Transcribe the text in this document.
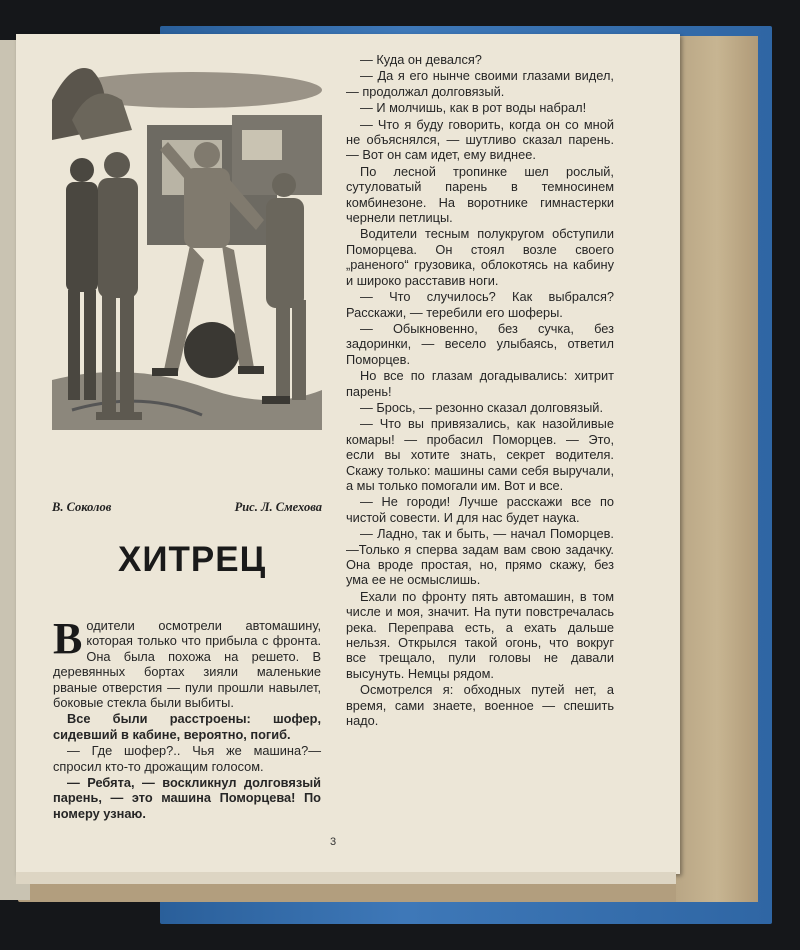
В. Соколов	Рис. Л. Смехова
ХИТРЕЦ

Водители осмотрели автомашину, которая только что прибыла с фронта. Она была похожа на решето. В деревянных бортах зияли маленькие рваные отверстия — пули прошли навылет, боковые стекла были выбиты.

Все были расстроены: шофер, сидевший в кабине, вероятно, погиб.

— Где шофер?.. Чья же машина?— спросил кто-то дрожащим голосом.

— Ребята, — воскликнул долговязый парень, — это машина Поморцева! По номеру узнаю.

— Куда он девался?

— Да я его нынче своими глазами видел, — продолжал долговязый.

— И молчишь, как в рот воды набрал!

— Что я буду говорить, когда он со мной не объяснялся, — шутливо сказал парень. — Вот он сам идет, ему виднее.

По лесной тропинке шел рослый, сутуловатый парень в темносинем комбинезоне. На воротнике гимнастерки чернели петлицы.

Водители тесным полукругом обступили Поморцева. Он стоял возле своего „раненого“ грузовика, облокотясь на кабину и широко расставив ноги.

— Что случилось? Как выбрался? Расскажи, — теребили его шоферы.

— Обыкновенно, без сучка, без задоринки, — весело улыбаясь, ответил Поморцев.

Но все по глазам догадывались: хитрит парень!

— Брось, — резонно сказал долговязый.

— Что вы привязались, как назойливые комары! — пробасил Поморцев. — Это, если вы хотите знать, секрет водителя. Скажу только: машины сами себя выручали, а мы только помогали им. Вот и все.

— Не городи! Лучше расскажи все по чистой совести. И для нас будет наука.

— Ладно, так и быть, — начал Поморцев.—Только я сперва задам вам свою задачку. Она вроде простая, но, прямо скажу, без ума ее не осмыслишь.

Ехали по фронту пять автомашин, в том числе и моя, значит. На пути повстречалась река. Переправа есть, а ехать дальше нельзя. Открылся такой огонь, что вокруг все трещало, пули головы не давали высунуть. Немцы рядом.

Осмотрелся я: обходных путей нет, а время, сами знаете, военное — спешить надо.

3
